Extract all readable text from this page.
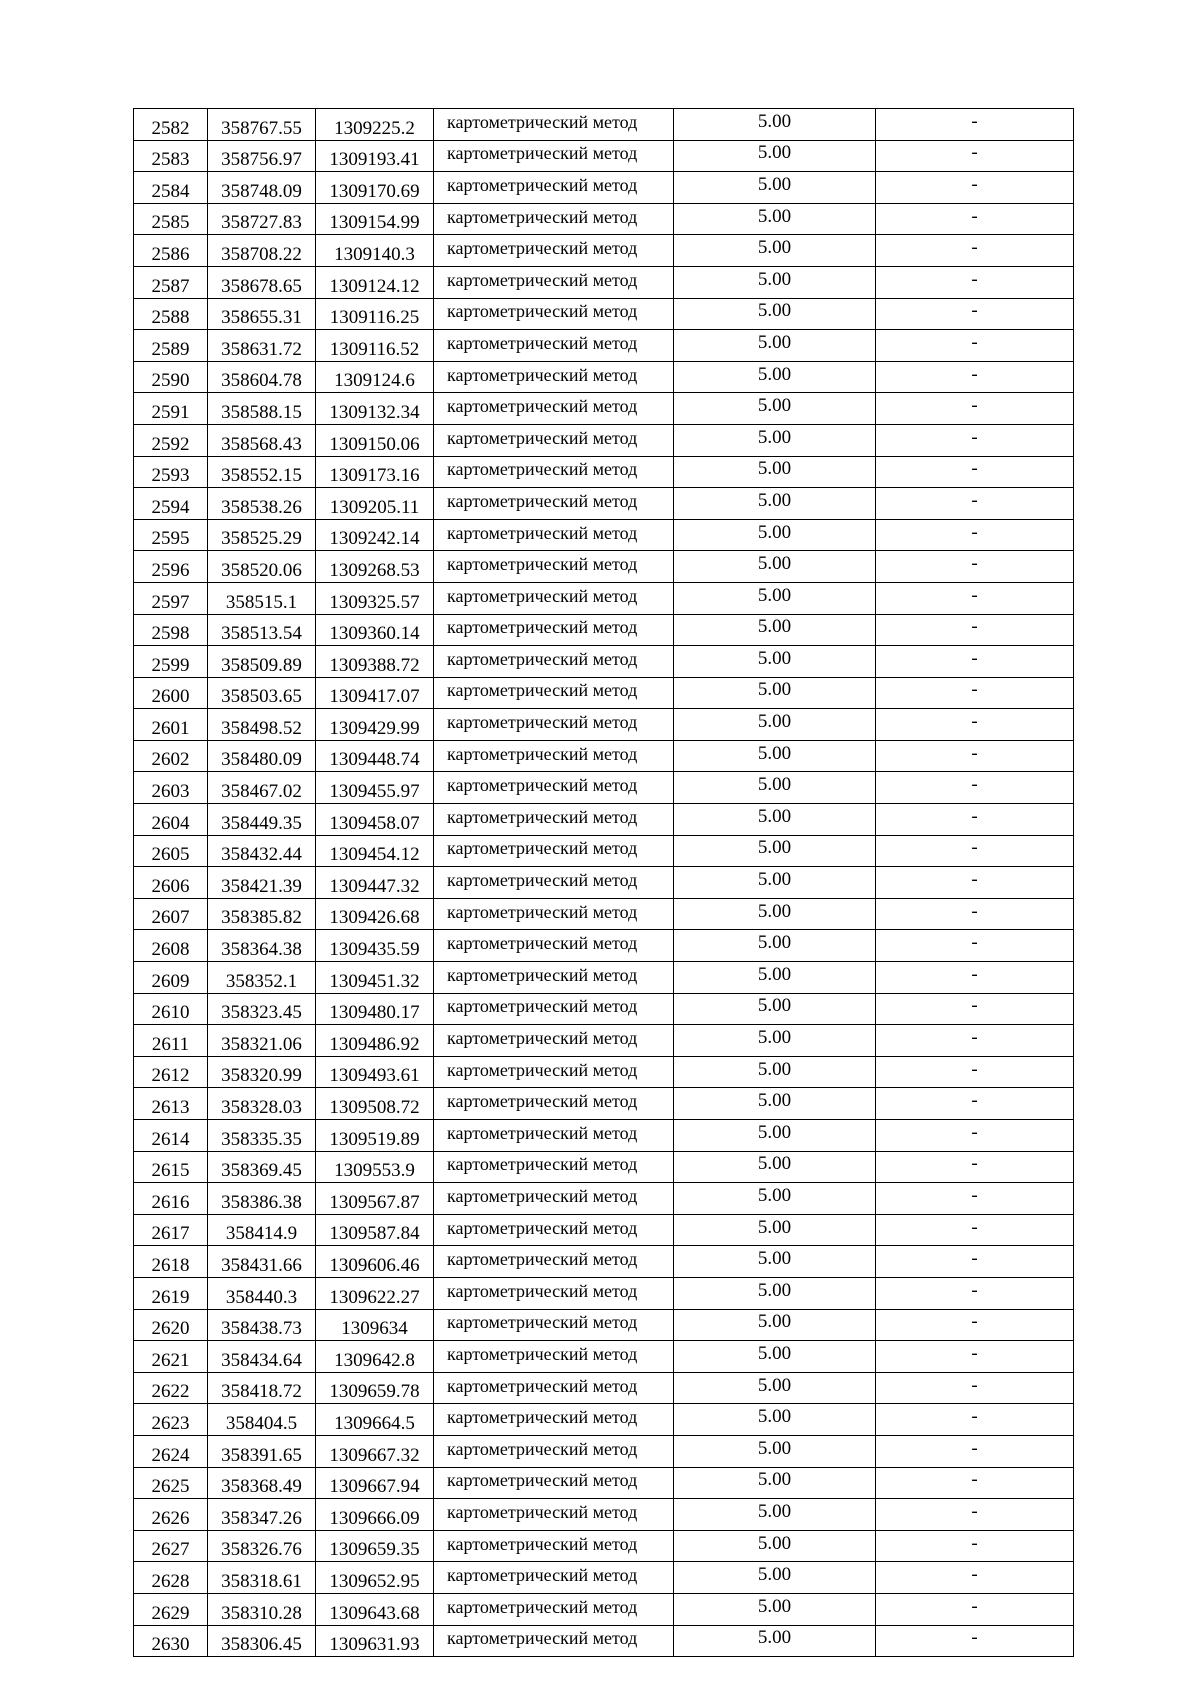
2582	358767.55	1309225.2	картометрический метод	5.00	-

2583	358756.97	1309193.41	картометрический метод	5.00	-

2584	358748.09	1309170.69	картометрический метод	5.00	-

2585	358727.83	1309154.99	картометрический метод	5.00	-

2586	358708.22	1309140.3	картометрический метод	5.00	-

2587	358678.65	1309124.12	картометрический метод	5.00	-

2588	358655.31	1309116.25	картометрический метод	5.00	-

2589	358631.72	1309116.52	картометрический метод	5.00	-

2590	358604.78	1309124.6	картометрический метод	5.00	-

2591	358588.15	1309132.34	картометрический метод	5.00	-

2592	358568.43	1309150.06	картометрический метод	5.00	-

2593	358552.15	1309173.16	картометрический метод	5.00	-

2594	358538.26	1309205.11	картометрический метод	5.00	-

2595	358525.29	1309242.14	картометрический метод	5.00	-

2596	358520.06	1309268.53	картометрический метод	5.00	-

2597	358515.1	1309325.57	картометрический метод	5.00	-

2598	358513.54	1309360.14	картометрический метод	5.00	-

2599	358509.89	1309388.72	картометрический метод	5.00	-

2600	358503.65	1309417.07	картометрический метод	5.00	-

2601	358498.52	1309429.99	картометрический метод	5.00	-

2602	358480.09	1309448.74	картометрический метод	5.00	-

2603	358467.02	1309455.97	картометрический метод	5.00	-

2604	358449.35	1309458.07	картометрический метод	5.00	-

2605	358432.44	1309454.12	картометрический метод	5.00	-

2606	358421.39	1309447.32	картометрический метод	5.00	-

2607	358385.82	1309426.68	картометрический метод	5.00	-

2608	358364.38	1309435.59	картометрический метод	5.00	-

2609	358352.1	1309451.32	картометрический метод	5.00	-

2610	358323.45	1309480.17	картометрический метод	5.00	-

2611	358321.06	1309486.92	картометрический метод	5.00	-

2612	358320.99	1309493.61	картометрический метод	5.00	-

2613	358328.03	1309508.72	картометрический метод	5.00	-

2614	358335.35	1309519.89	картометрический метод	5.00	-

2615	358369.45	1309553.9	картометрический метод	5.00	-

2616	358386.38	1309567.87	картометрический метод	5.00	-

2617	358414.9	1309587.84	картометрический метод	5.00	-

2618	358431.66	1309606.46	картометрический метод	5.00	-

2619	358440.3	1309622.27	картометрический метод	5.00	-

2620	358438.73	1309634	картометрический метод	5.00	-

2621	358434.64	1309642.8	картометрический метод	5.00	-

2622	358418.72	1309659.78	картометрический метод	5.00	-

2623	358404.5	1309664.5	картометрический метод	5.00	-

2624	358391.65	1309667.32	картометрический метод	5.00	-

2625	358368.49	1309667.94	картометрический метод	5.00	-

2626	358347.26	1309666.09	картометрический метод	5.00	-

2627	358326.76	1309659.35	картометрический метод	5.00	-

2628	358318.61	1309652.95	картометрический метод	5.00	-

2629	358310.28	1309643.68	картометрический метод	5.00	-

2630	358306.45	1309631.93	картометрический метод	5.00	-
